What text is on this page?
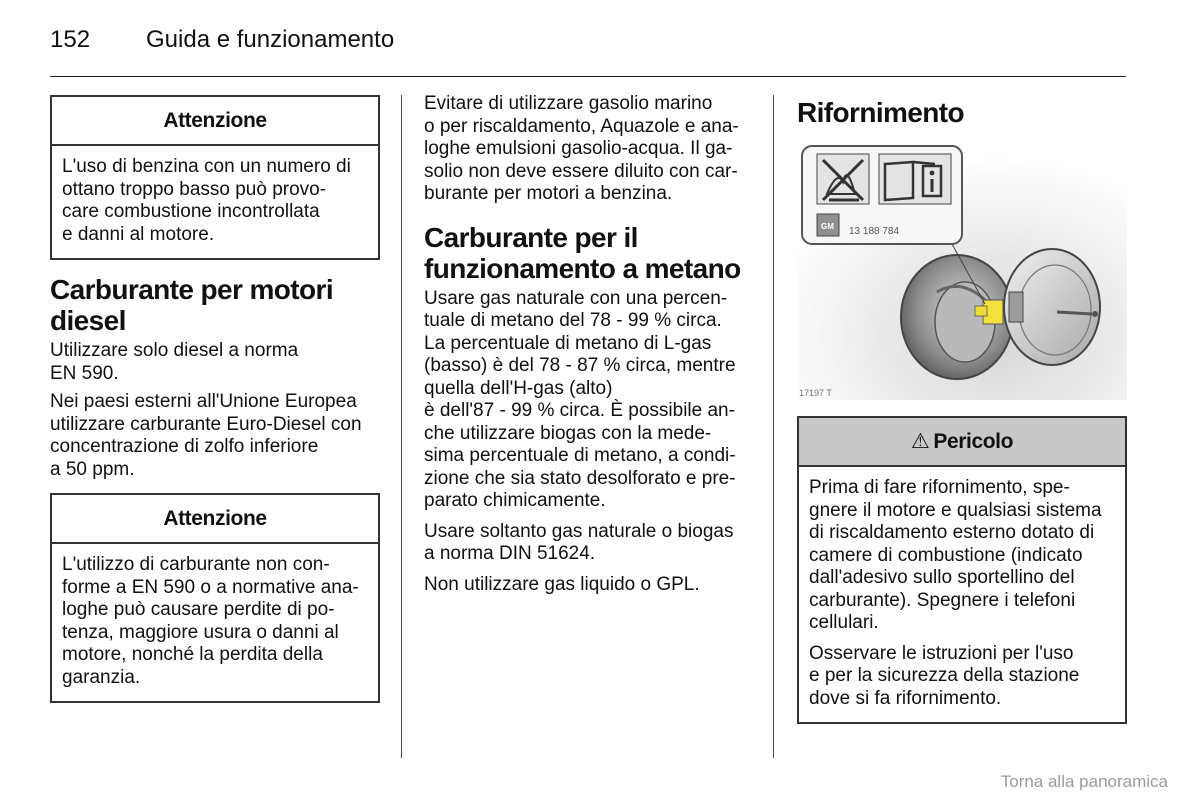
152 Guida e funzionamento
Attenzione

L'uso di benzina con un numero di
ottano troppo basso può provo-
care combustione incontrollata
e danni al motore.

Carburante per motori
diesel

Utilizzare solo diesel a norma
EN 590.

Nei paesi esterni all'Unione Europea
utilizzare carburante Euro-Diesel con
concentrazione di zolfo inferiore
a 50 ppm.

Attenzione

L'utilizzo di carburante non con-
forme a EN 590 o a normative ana-
loghe può causare perdite di po-
tenza, maggiore usura o danni al
motore, nonché la perdita della
garanzia.

Evitare di utilizzare gasolio marino
o per riscaldamento, Aquazole e ana-
loghe emulsioni gasolio-acqua. Il ga-
solio non deve essere diluito con car-
burante per motori a benzina.

Carburante per il
funzionamento a metano

Usare gas naturale con una percen-
tuale di metano del 78 - 99 % circa.
La percentuale di metano di L-gas
(basso) è del 78 - 87 % circa, mentre
quella dell'H-gas (alto)
è dell'87 - 99 % circa. È possibile an-
che utilizzare biogas con la mede-
sima percentuale di metano, a condi-
zione che sia stato desolforato e pre-
parato chimicamente.

Usare soltanto gas naturale o biogas
a norma DIN 51624.

Non utilizzare gas liquido o GPL.

Rifornimento
GM 13 188 784
17197 T
⚠ Pericolo

Prima di fare rifornimento, spe-
gnere il motore e qualsiasi sistema
di riscaldamento esterno dotato di
camere di combustione (indicato
dall'adesivo sullo sportellino del
carburante). Spegnere i telefoni
cellulari.

Osservare le istruzioni per l'uso
e per la sicurezza della stazione
dove si fa rifornimento.

Torna alla panoramica
